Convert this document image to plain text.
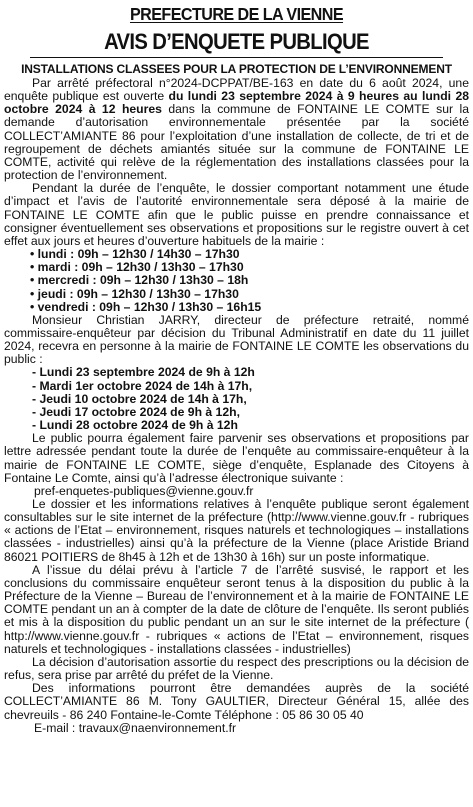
PREFECTURE DE LA VIENNE
AVIS D’ENQUETE PUBLIQUE
INSTALLATIONS CLASSEES POUR LA PROTECTION DE L’ENVIRONNEMENT

Par arrêté préfectoral n°2024-DCPPAT/BE-163 en date du 6 août 2024, une enquête publique est ouverte du lundi 23 septembre 2024 à 9 heures au lundi 28 octobre 2024 à 12 heures dans la commune de FONTAINE LE COMTE sur la demande d’autorisation environnementale présentée par la société COLLECT’AMIANTE 86 pour l’exploitation d’une installation de collecte, de tri et de regroupement de déchets amiantés située sur la commune de FONTAINE LE COMTE, activité qui relève de la réglementation des installations classées pour la protection de l’environnement.

Pendant la durée de l’enquête, le dossier comportant notamment une étude d’impact et l’avis de l’autorité environnementale sera déposé à la mairie de FONTAINE LE COMTE afin que le public puisse en prendre connaissance et consigner éventuellement ses observations et propositions sur le registre ouvert à cet effet aux jours et heures d’ouverture habituels de la mairie :

• lundi : 09h – 12h30 / 14h30 – 17h30
• mardi : 09h – 12h30 / 13h30 – 17h30
• mercredi : 09h – 12h30 / 13h30 – 18h
• jeudi : 09h – 12h30 / 13h30 – 17h30
• vendredi : 09h – 12h30 / 13h30 – 16h15

Monsieur Christian JARRY, directeur de préfecture retraité, nommé commissaire-enquêteur par décision du Tribunal Administratif en date du 11 juillet 2024, recevra en personne à la mairie de FONTAINE LE COMTE les observations du public :

- Lundi 23 septembre 2024 de 9h à 12h
- Mardi 1er octobre 2024 de 14h à 17h,
- Jeudi 10 octobre 2024 de 14h à 17h,
- Jeudi 17 octobre 2024 de 9h à 12h,
- Lundi 28 octobre 2024 de 9h à 12h

Le public pourra également faire parvenir ses observations et propositions par lettre adressée pendant toute la durée de l’enquête au commissaire-enquêteur à la mairie de FONTAINE LE COMTE, siège d’enquête, Esplanade des Citoyens à Fontaine Le Comte, ainsi qu’à l’adresse électronique suivante :

pref-enquetes-publiques@vienne.gouv.fr

Le dossier et les informations relatives à l’enquête publique seront également consultables sur le site internet de la préfecture (http://www.vienne.gouv.fr - rubriques « actions de l’Etat – environnement, risques naturels et technologiques – installations classées - industrielles) ainsi qu’à la préfecture de la Vienne (place Aristide Briand 86021 POITIERS de 8h45 à 12h et de 13h30 à 16h) sur un poste informatique.

A l’issue du délai prévu à l’article 7 de l’arrêté susvisé, le rapport et les conclusions du commissaire enquêteur seront tenus à la disposition du public à la Préfecture de la Vienne – Bureau de l’environnement et à la mairie de FONTAINE LE COMTE pendant un an à compter de la date de clôture de l’enquête. Ils seront publiés et mis à la disposition du public pendant un an sur le site internet de la préfecture ( http://www.vienne.gouv.fr - rubriques « actions de l’Etat – environnement, risques naturels et technologiques - installations classées - industrielles)

La décision d’autorisation assortie du respect des prescriptions ou la décision de refus, sera prise par arrêté du préfet de la Vienne.

Des informations pourront être demandées auprès de la société COLLECT’AMIANTE 86 M. Tony GAULTIER, Directeur Général 15, allée des chevreuils - 86 240 Fontaine-le-Comte Téléphone : 05 86 30 05 40

E-mail : travaux@naenvironnement.fr
